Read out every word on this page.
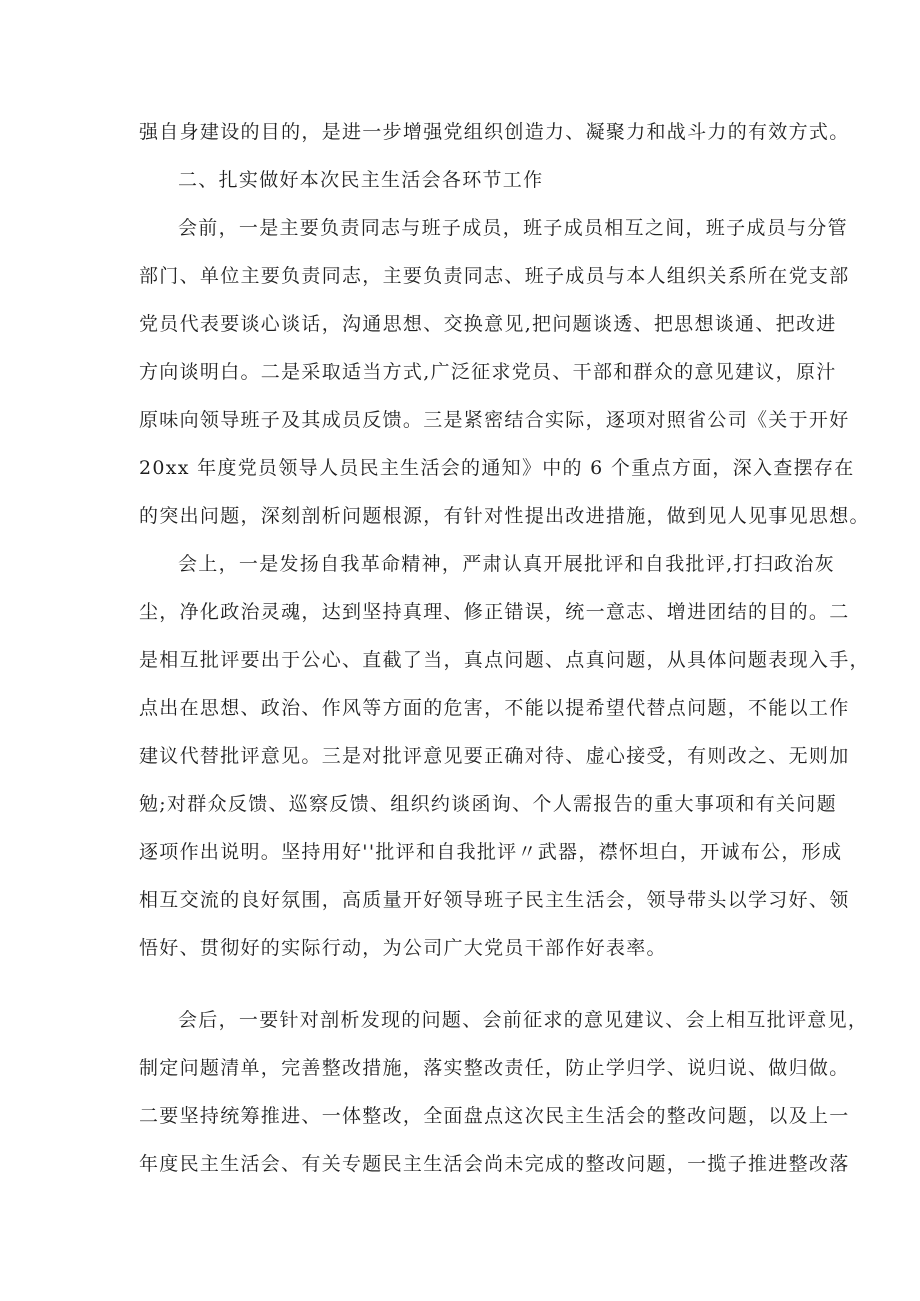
强自身建设的目的，是进一步增强党组织创造力、凝聚力和战斗力的有效方式。

二、扎实做好本次民主生活会各环节工作

会前，一是主要负责同志与班子成员，班子成员相互之间，班子成员与分管

部门、单位主要负责同志，主要负责同志、班子成员与本人组织关系所在党支部

党员代表要谈心谈话，沟通思想、交换意见,把问题谈透、把思想谈通、把改进

方向谈明白。二是采取适当方式,广泛征求党员、干部和群众的意见建议，原汁

原味向领导班子及其成员反馈。三是紧密结合实际，逐项对照省公司《关于开好

20xx 年度党员领导人员民主生活会的通知》中的 6 个重点方面，深入查摆存在

的突出问题，深刻剖析问题根源，有针对性提出改进措施，做到见人见事见思想。

会上，一是发扬自我革命精神，严肃认真开展批评和自我批评,打扫政治灰

尘，净化政治灵魂，达到坚持真理、修正错误，统一意志、增进团结的目的。二

是相互批评要出于公心、直截了当，真点问题、点真问题，从具体问题表现入手，

点出在思想、政治、作风等方面的危害，不能以提希望代替点问题，不能以工作

建议代替批评意见。三是对批评意见要正确对待、虚心接受，有则改之、无则加

勉;对群众反馈、巡察反馈、组织约谈函询、个人需报告的重大事项和有关问题

逐项作出说明。坚持用好''批评和自我批评〃武器，襟怀坦白，开诚布公，形成

相互交流的良好氛围，高质量开好领导班子民主生活会，领导带头以学习好、领

悟好、贯彻好的实际行动，为公司广大党员干部作好表率。

会后，一要针对剖析发现的问题、会前征求的意见建议、会上相互批评意见，

制定问题清单，完善整改措施，落实整改责任，防止学归学、说归说、做归做。

二要坚持统筹推进、一体整改，全面盘点这次民主生活会的整改问题，以及上一

年度民主生活会、有关专题民主生活会尚未完成的整改问题，一揽子推进整改落
